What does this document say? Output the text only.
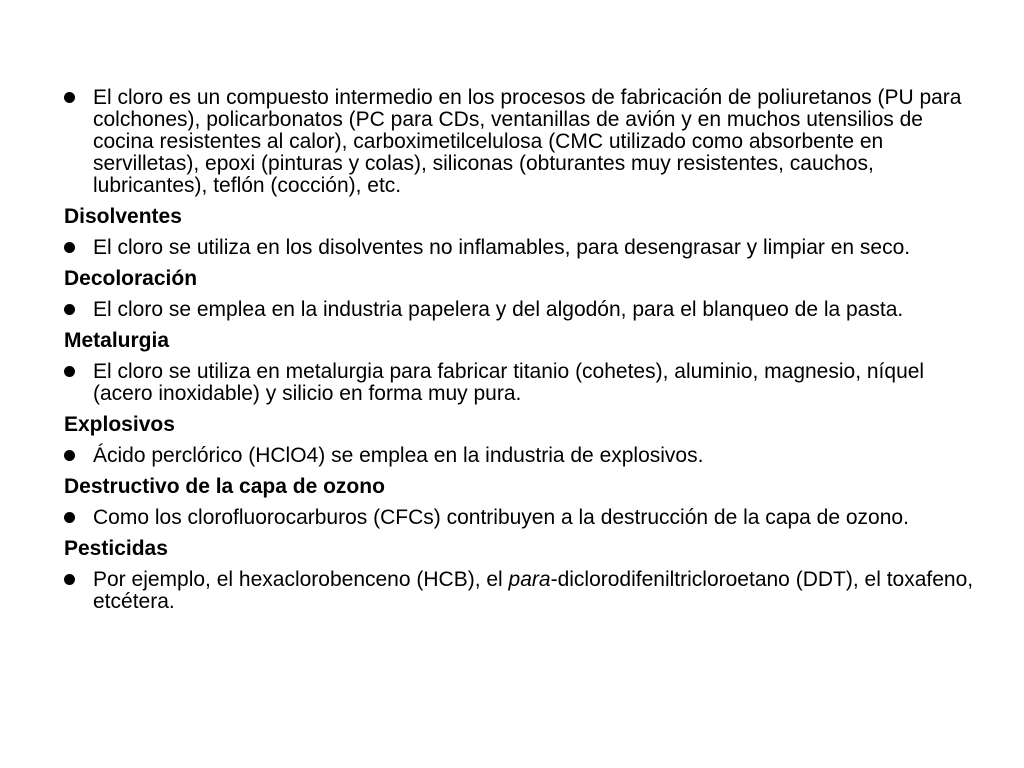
El cloro es un compuesto intermedio en los procesos de fabricación de poliuretanos (PU para colchones), policarbonatos (PC para CDs, ventanillas de avión y en muchos utensilios de cocina resistentes al calor), carboximetilcelulosa (CMC utilizado como absorbente en servilletas), epoxi (pinturas y colas), siliconas (obturantes muy resistentes, cauchos, lubricantes), teflón (cocción), etc.
Disolventes
El cloro se utiliza en los disolventes no inflamables, para desengrasar y limpiar en seco.
Decoloración
El cloro se emplea en la industria papelera y del algodón, para el blanqueo de la pasta.
Metalurgia
El cloro se utiliza en metalurgia para fabricar titanio (cohetes), aluminio, magnesio, níquel (acero inoxidable) y silicio en forma muy pura.
Explosivos
Ácido perclórico (HClO4) se emplea en la industria de explosivos.
Destructivo de la capa de ozono
Como los clorofluorocarburos (CFCs) contribuyen a la destrucción de la capa de ozono.
Pesticidas
Por ejemplo, el hexaclorobenceno (HCB), el para-diclorodifeniltricloroetano (DDT), el toxafeno, etcétera.
